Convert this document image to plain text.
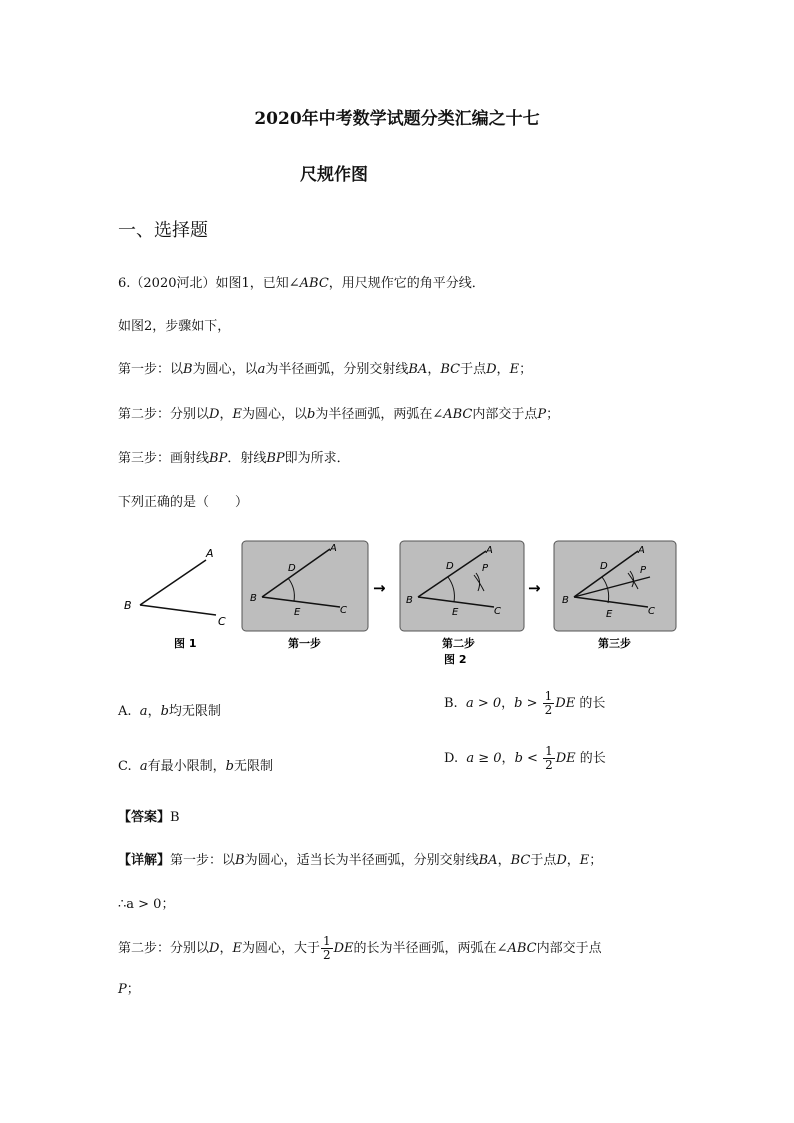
2020年中考数学试题分类汇编之十七
尺规作图
一、选择题
6.（2020河北）如图1，已知∠ABC，用尺规作它的角平分线．
如图2，步骤如下，
第一步：以B为圆心，以a为半径画弧，分别交射线BA，BC于点D，E；
第二步：分别以D，E为圆心，以b为半径画弧，两弧在∠ABC内部交于点P；
第三步：画射线BP．射线BP即为所求．
下列正确的是（　　）
A
B
C
图 1
A
B
C
D
E
第一步
→
A
B
C
D
E
P
第二步
图 2
→
A
B
C
D
E
P
第三步
A. a，b均无限制
B. a > 0，$b > \frac{1}{2}$ DE 的长
C. a有最小限制，b无限制
D. a ≥ 0，$b < \frac{1}{2}$ DE 的长
【答案】B
【详解】第一步：以B为圆心，适当长为半径画弧，分别交射线BA，BC于点D，E；
∴a > 0；
第二步：分别以D，E为圆心，大于 $\frac{1}{2}$ DE的长为半径画弧，两弧在∠ABC内部交于点
P；
